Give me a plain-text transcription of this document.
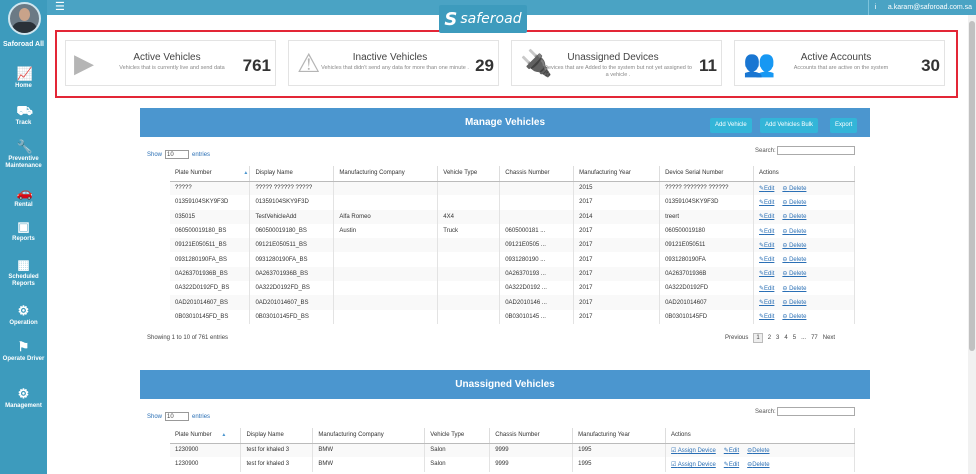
☰
S saferoad
i	a.karam@saforoad.com.sa
Saforoad All
📈
Home
⛟
Track
🔧
Preventive Maintenance
🚗
Rental
▣
Reports
▦
Scheduled Reports
⚙
Operation
⚑
Operate Driver
⚙
Management
▶	Active Vehicles
Vehicles that is currently live and send data	761 ⚠	Inactive Vehicles
Vehicles that didn't send any data for more than one minute . 29 🔌	Unassigned Devices
Devices that are Added to the system but not yet assigned to a vehicle .	11 👥	Active Accounts
Accounts that are active on the system	30
Manage Vehicles	Add Vehicle	Add Vehicles Bulk	Export
Show 10	entries
Search:
Plate Number ▲	Display Name	Manufacturing Company	Vehicle Type	Chassis Number	Manufacturing Year	Device Serial Number	Actions
?????	????? ?????? ?????				2015	????? ??????? ??????	✎Edit ⊖ Delete
01359104SKY9F3D	01359104SKY9F3D				2017	01359104SKY9F3D	✎Edit ⊖ Delete
035015	TestVehicleAdd	Alfa Romeo	4X4		2014	treert	✎Edit ⊖ Delete
060500019180_BS	060500019180_BS	Austin	Truck	0605000181 ...	2017	060500019180	✎Edit ⊖ Delete
09121E050511_BS	09121E050511_BS			09121E0505 ...	2017	09121E050511	✎Edit ⊖ Delete
0931280190FA_BS	0931280190FA_BS			0931280190 ...	2017	0931280190FA	✎Edit ⊖ Delete
0A263701936B_BS	0A263701936B_BS			0A26370193 ...	2017	0A263701936B	✎Edit ⊖ Delete
0A322D0192FD_BS	0A322D0192FD_BS			0A322D0192 ...	2017	0A322D0192FD	✎Edit ⊖ Delete
0AD201014607_BS	0AD201014607_BS			0AD2010146 ...	2017	0AD201014607	✎Edit ⊖ Delete
0B03010145FD_BS	0B03010145FD_BS			0B03010145 ...	2017	0B03010145FD	✎Edit ⊖ Delete
Showing 1 to 10 of 761 entries	Previous	1	2 3 4 5 ... 77 Next
Unassigned Vehicles
Show 10	entries
Search:
Plate Number ▲	Display Name	Manufacturing Company	Vehicle Type	Chassis Number	Manufacturing Year	Actions
1230900	test for khaled 3	BMW	Salon	9999	1995	☑ Assign Device ✎Edit ⊖Delete
1230900	test for khaled 3	BMW	Salon	9999	1995	☑ Assign Device ✎Edit ⊖Delete
